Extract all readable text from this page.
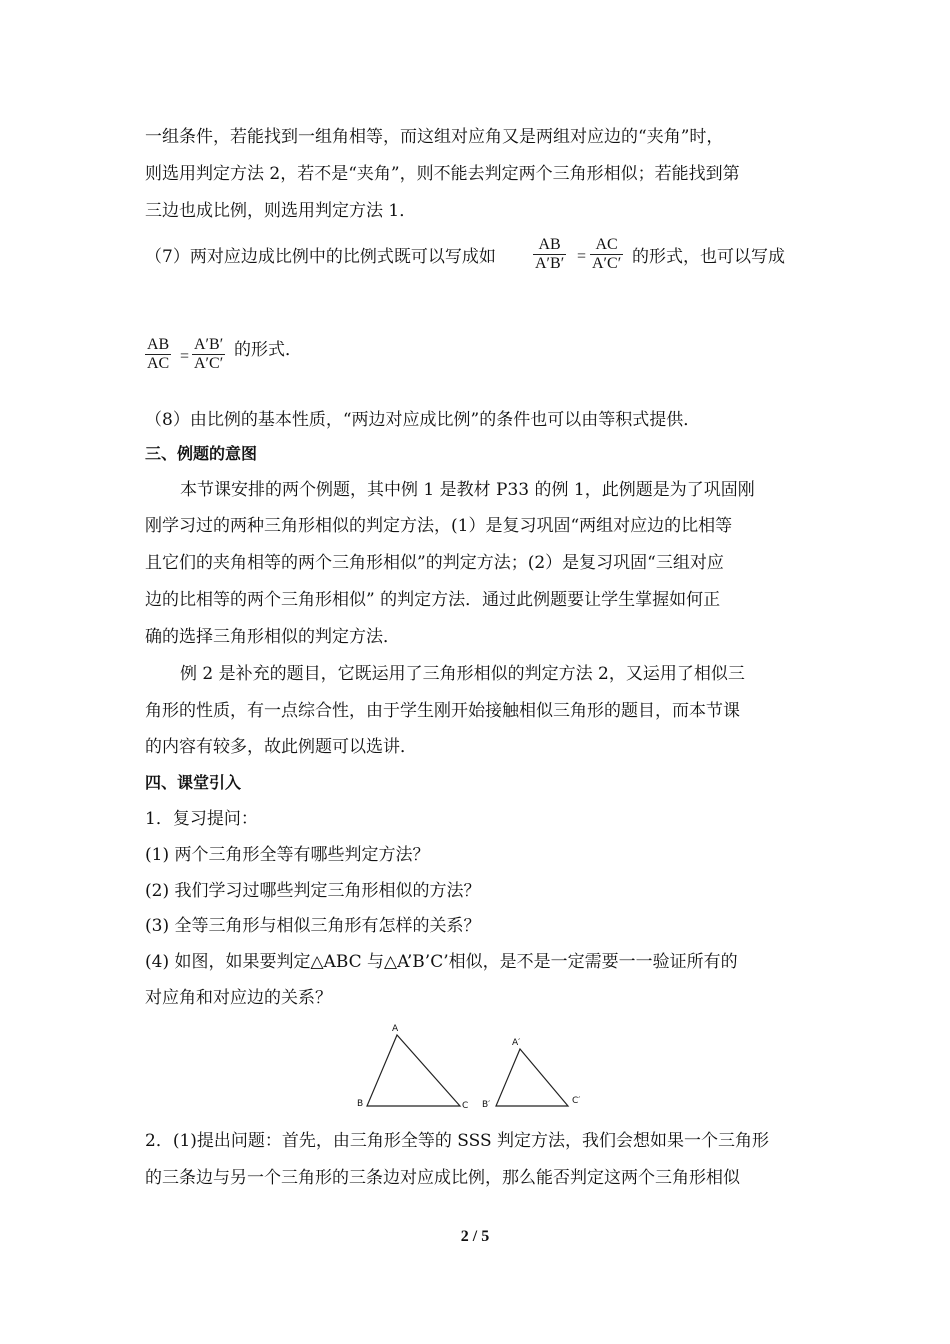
一组条件，若能找到一组角相等，而这组对应角又是两组对应边的“夹角”时，
则选用判定方法 2，若不是“夹角”，则不能去判定两个三角形相似；若能找到第
三边也成比例，则选用判定方法 1．
（7）两对应边成比例中的比例式既可以写成如 $\frac{AB}{A'B'} = \frac{AC}{A'C'}$ 的形式，也可以写成
$\frac{AB}{AC} = \frac{A'B'}{A'C'}$ 的形式．
（8）由比例的基本性质，“两边对应成比例”的条件也可以由等积式提供．
三、例题的意图
本节课安排的两个例题，其中例 1 是教材 P33 的例 1，此例题是为了巩固刚
刚学习过的两种三角形相似的判定方法，(1）是复习巩固“两组对应边的比相等
且它们的夹角相等的两个三角形相似”的判定方法；(2）是复习巩固“三组对应
边的比相等的两个三角形相似” 的判定方法．通过此例题要让学生掌握如何正
确的选择三角形相似的判定方法．
例 2 是补充的题目，它既运用了三角形相似的判定方法 2，又运用了相似三
角形的性质，有一点综合性，由于学生刚开始接触相似三角形的题目，而本节课
的内容有较多，故此例题可以选讲．
四、课堂引入
1．复习提问：
(1) 两个三角形全等有哪些判定方法？
(2) 我们学习过哪些判定三角形相似的方法？
(3) 全等三角形与相似三角形有怎样的关系？
(4) 如图，如果要判定△ABC 与△A’B’C’相似，是不是一定需要一一验证所有的
对应角和对应边的关系？
A
B	C
A′
B′	C′
2．(1)提出问题：首先，由三角形全等的 SSS 判定方法，我们会想如果一个三角形
的三条边与另一个三角形的三条边对应成比例，那么能否判定这两个三角形相似
2 / 5
